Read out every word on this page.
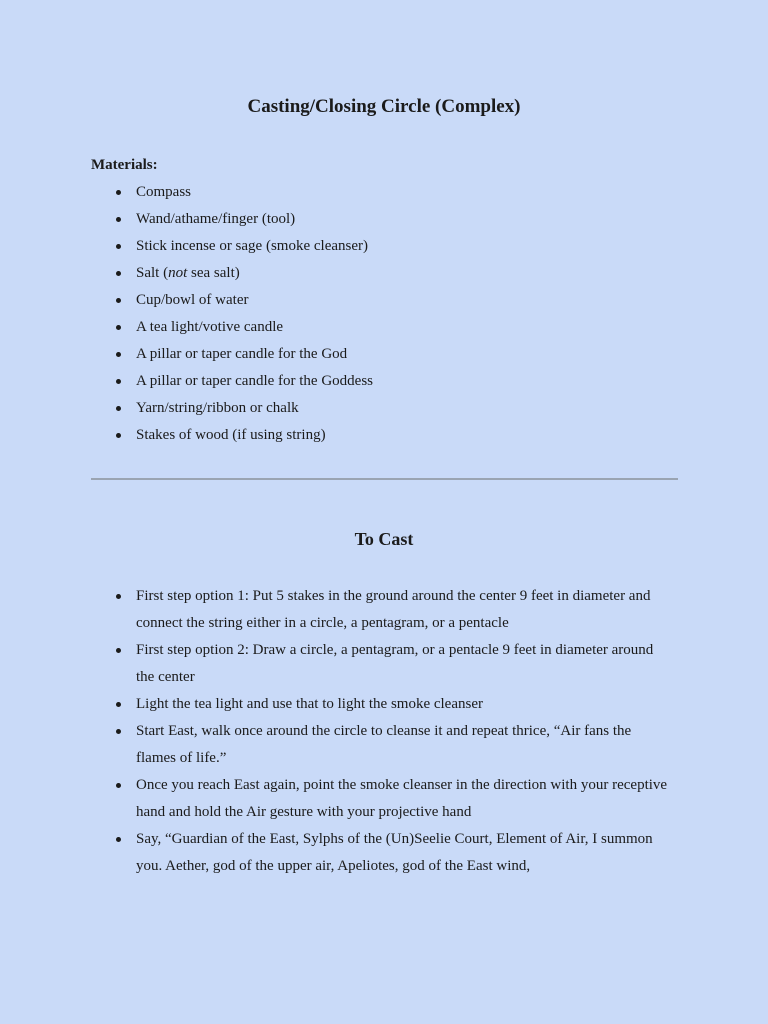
Casting/Closing Circle (Complex)
Materials:
Compass
Wand/athame/finger (tool)
Stick incense or sage (smoke cleanser)
Salt (not sea salt)
Cup/bowl of water
A tea light/votive candle
A pillar or taper candle for the God
A pillar or taper candle for the Goddess
Yarn/string/ribbon or chalk
Stakes of wood (if using string)
To Cast
First step option 1: Put 5 stakes in the ground around the center 9 feet in diameter and connect the string either in a circle, a pentagram, or a pentacle
First step option 2: Draw a circle, a pentagram, or a pentacle 9 feet in diameter around the center
Light the tea light and use that to light the smoke cleanser
Start East, walk once around the circle to cleanse it and repeat thrice, “Air fans the flames of life.”
Once you reach East again, point the smoke cleanser in the direction with your receptive hand and hold the Air gesture with your projective hand
Say, “Guardian of the East, Sylphs of the (Un)Seelie Court, Element of Air, I summon you. Aether, god of the upper air, Apeliotes, god of the East wind,
